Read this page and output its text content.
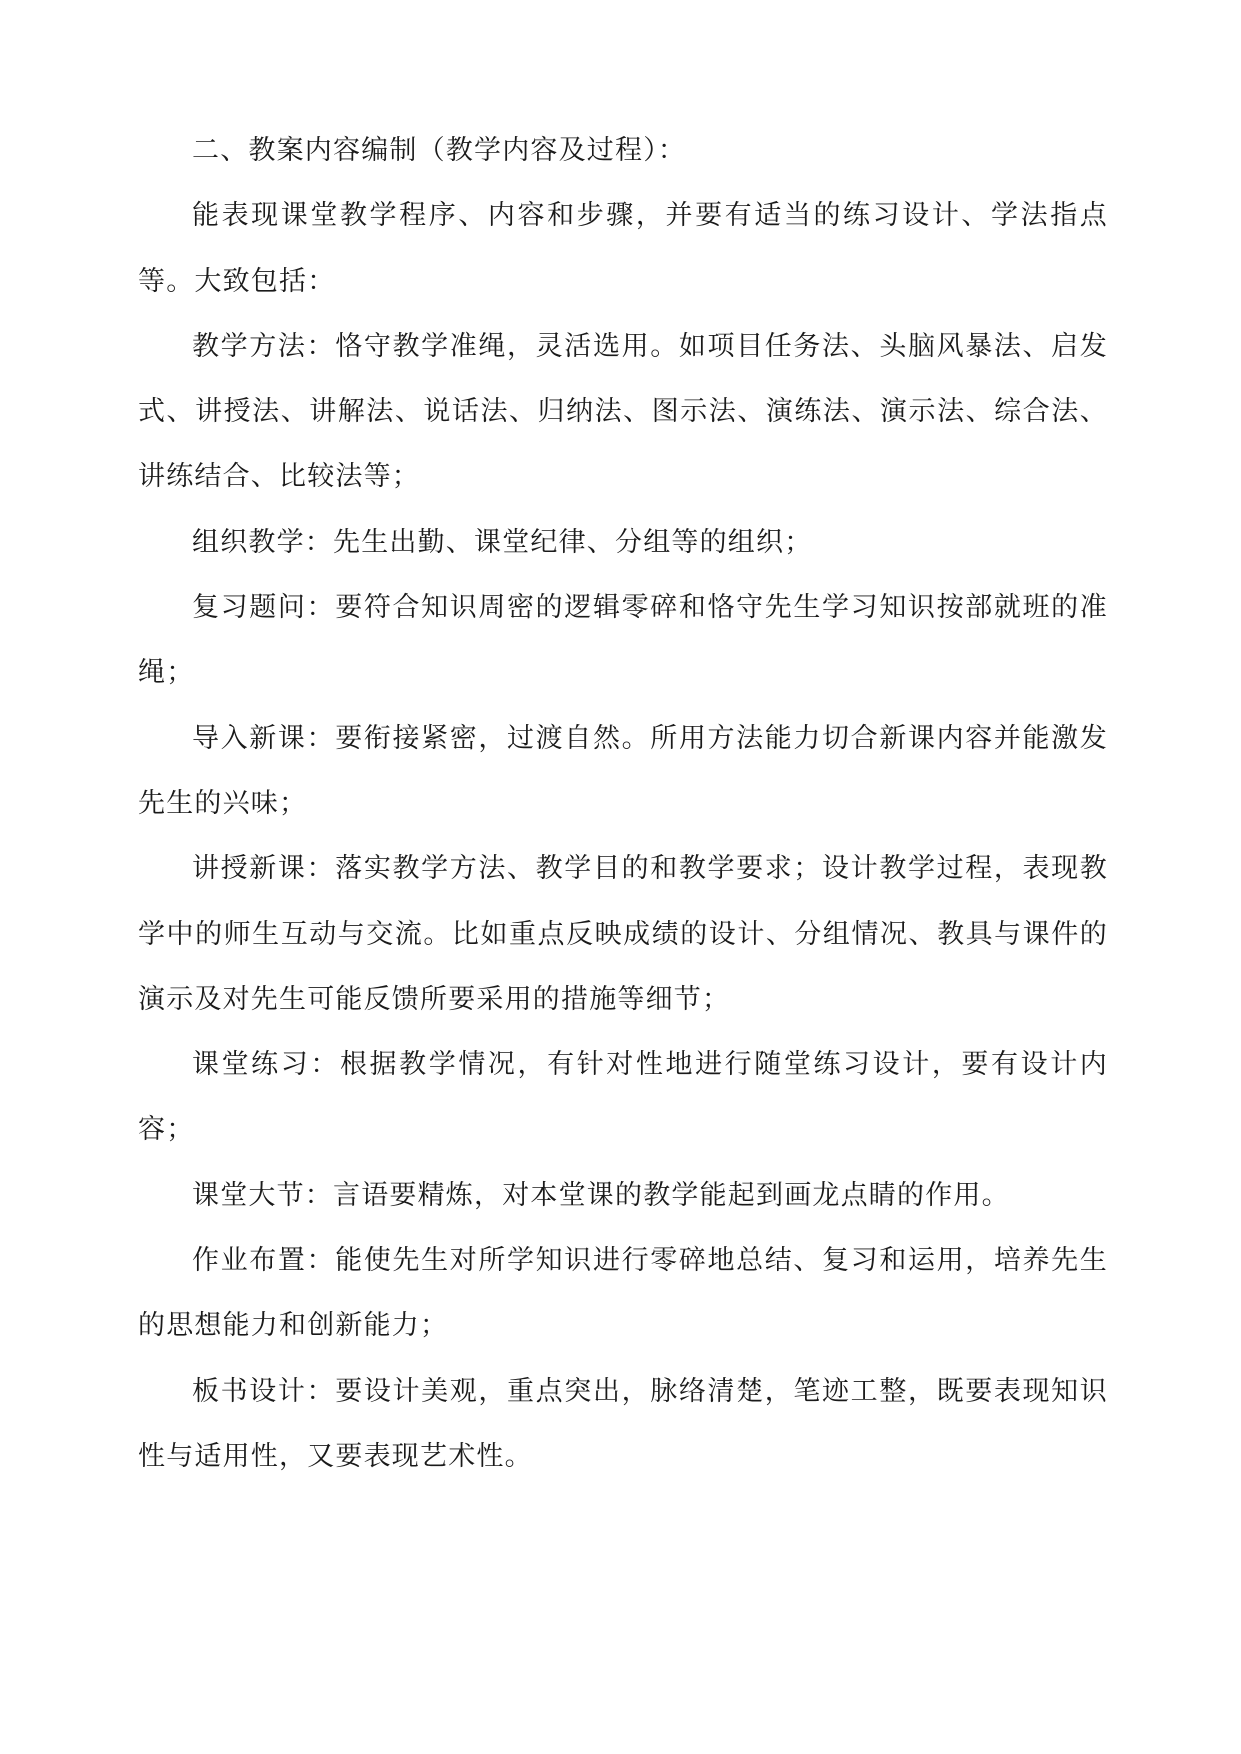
二、教案内容编制（教学内容及过程）：

能表现课堂教学程序、内容和步骤，并要有适当的练习设计、学法指点等。大致包括：

教学方法：恪守教学准绳，灵活选用。如项目任务法、头脑风暴法、启发式、讲授法、讲解法、说话法、归纳法、图示法、演练法、演示法、综合法、讲练结合、比较法等；

组织教学：先生出勤、课堂纪律、分组等的组织；

复习题问：要符合知识周密的逻辑零碎和恪守先生学习知识按部就班的准绳；

导入新课：要衔接紧密，过渡自然。所用方法能力切合新课内容并能激发先生的兴味；

讲授新课：落实教学方法、教学目的和教学要求；设计教学过程，表现教学中的师生互动与交流。比如重点反映成绩的设计、分组情况、教具与课件的演示及对先生可能反馈所要采用的措施等细节；

课堂练习：根据教学情况，有针对性地进行随堂练习设计，要有设计内容；

课堂大节：言语要精炼，对本堂课的教学能起到画龙点睛的作用。

作业布置：能使先生对所学知识进行零碎地总结、复习和运用，培养先生的思想能力和创新能力；

板书设计：要设计美观，重点突出，脉络清楚，笔迹工整，既要表现知识性与适用性，又要表现艺术性。
